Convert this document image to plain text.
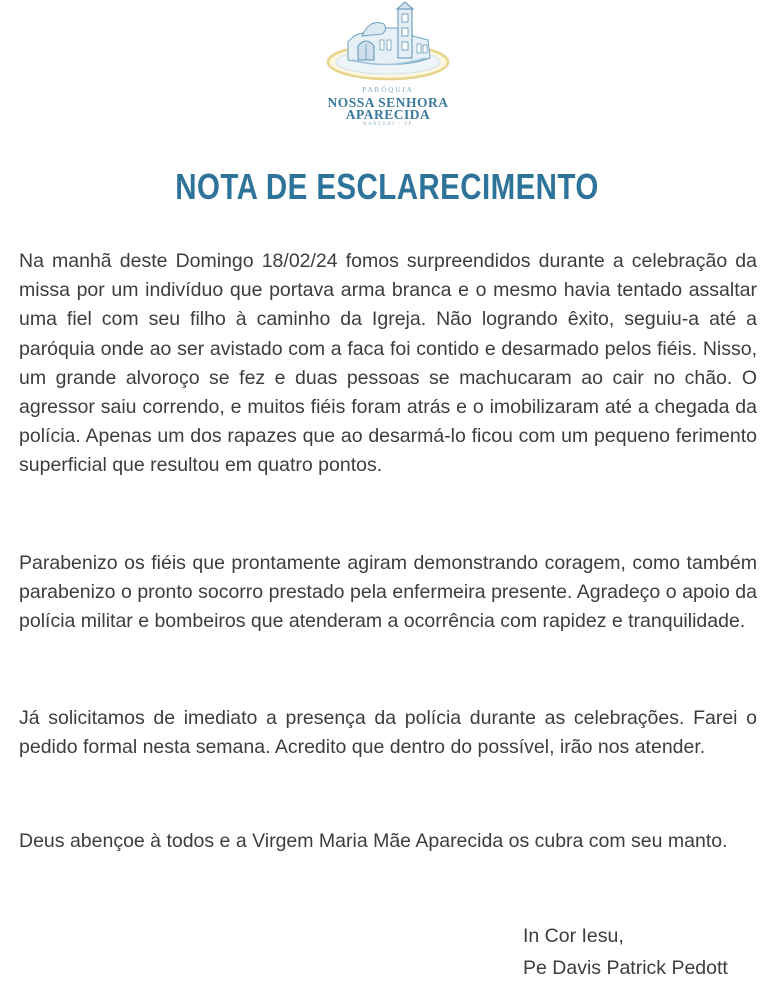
PARÓQUIA
NOSSA SENHORA
APARECIDA
BARUERI - SP
NOTA DE ESCLARECIMENTO

Na manhã deste Domingo 18/02/24 fomos surpreendidos durante a celebração da missa por um indivíduo que portava arma branca e o mesmo havia tentado assaltar uma fiel com seu filho à caminho da Igreja. Não logrando êxito, seguiu-a até a paróquia onde ao ser avistado com a faca foi contido e desarmado pelos fiéis. Nisso, um grande alvoroço se fez e duas pessoas se machucaram ao cair no chão. O agressor saiu correndo, e muitos fiéis foram atrás e o imobilizaram até a chegada da polícia. Apenas um dos rapazes que ao desarmá-lo ficou com um pequeno ferimento superficial que resultou em quatro pontos.

Parabenizo os fiéis que prontamente agiram demonstrando coragem, como também parabenizo o pronto socorro prestado pela enfermeira presente. Agradeço o apoio da polícia militar e bombeiros que atenderam a ocorrência com rapidez e tranquilidade.

Já solicitamos de imediato a presença da polícia durante as celebrações. Farei o pedido formal nesta semana. Acredito que dentro do possível, irão nos atender.

Deus abençoe à todos e a Virgem Maria Mãe Aparecida os cubra com seu manto.

In Cor Iesu,
Pe Davis Patrick Pedott
